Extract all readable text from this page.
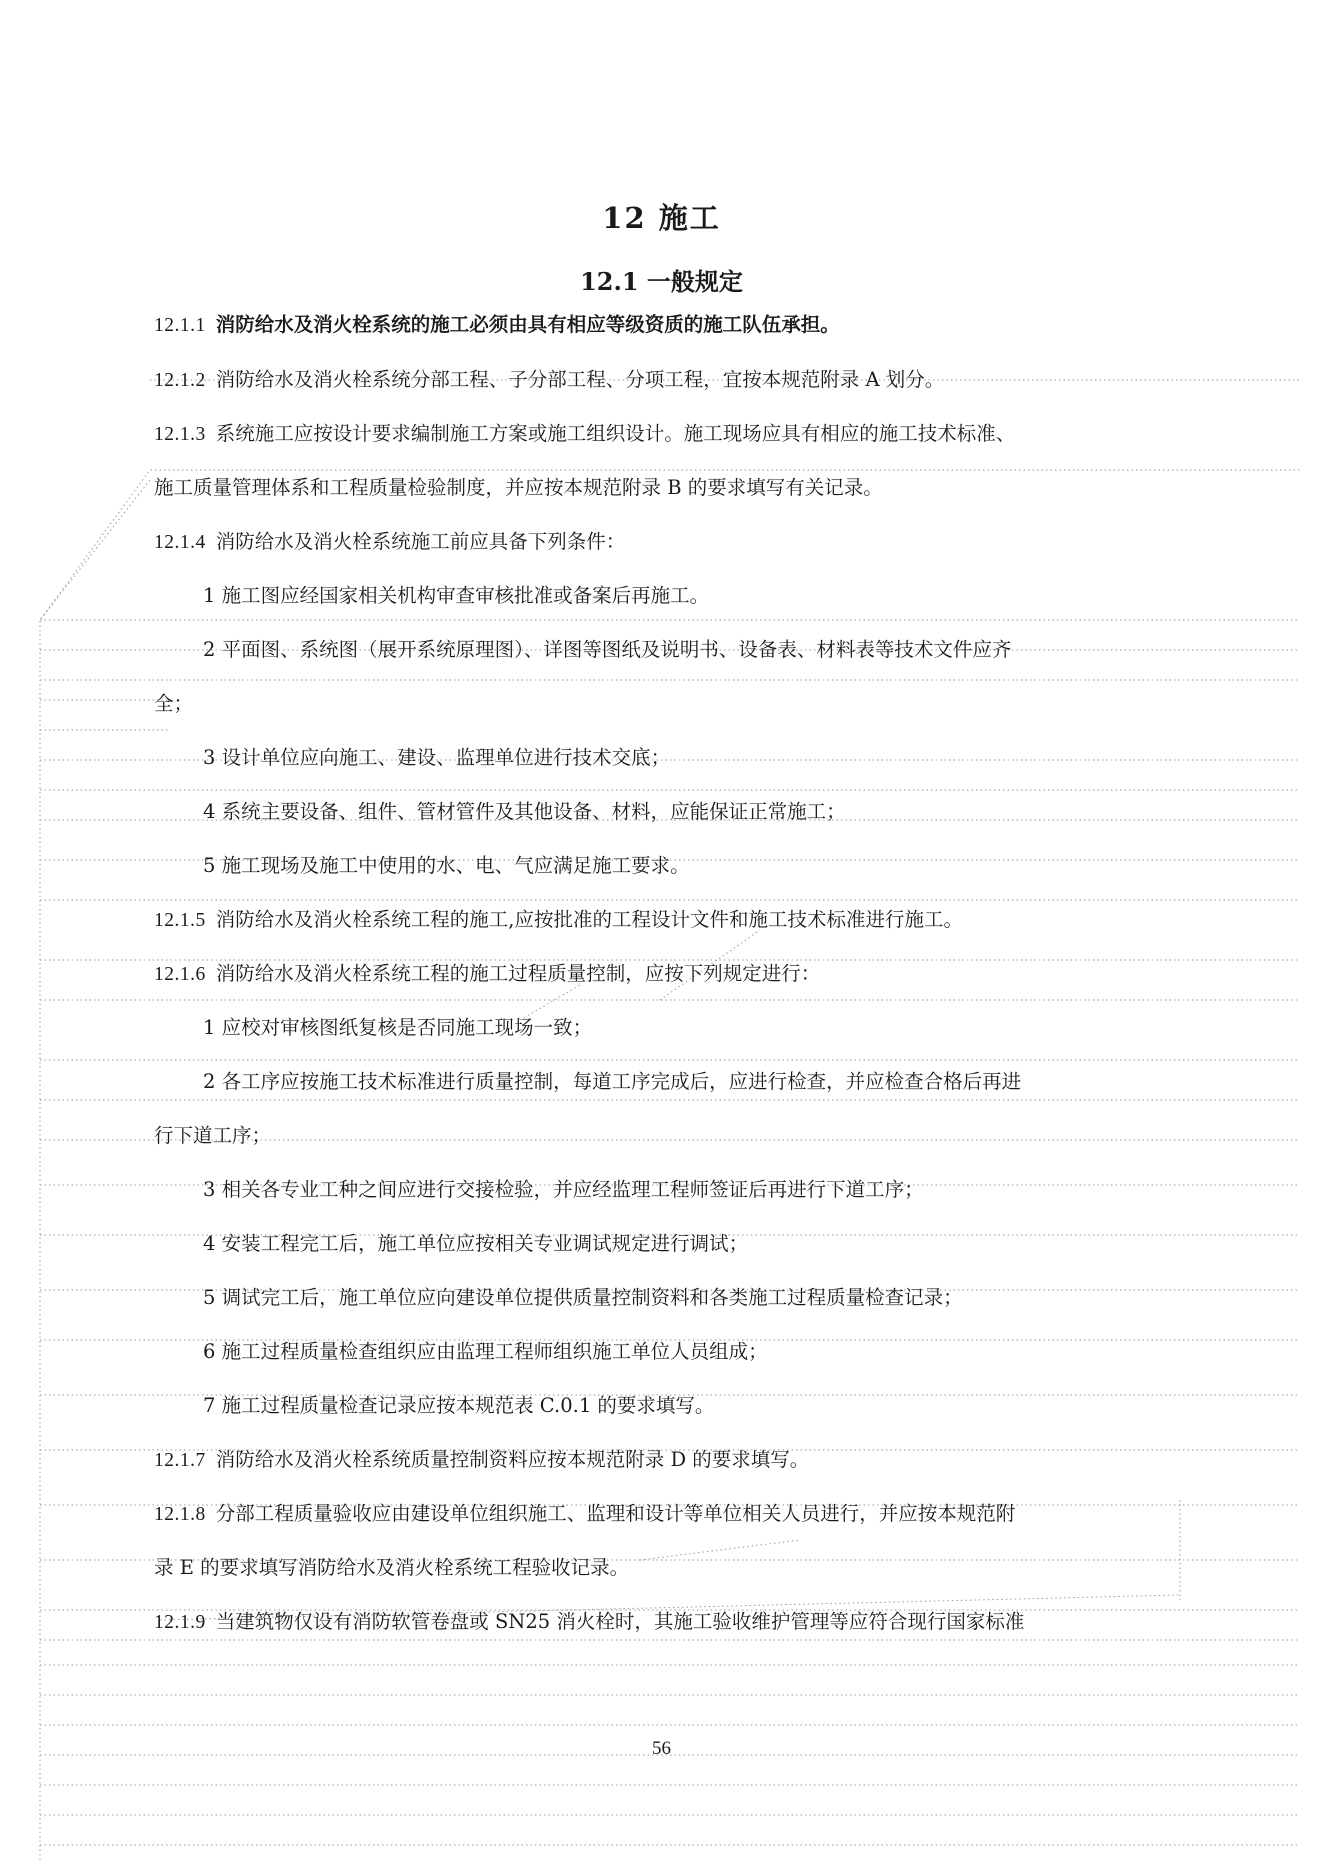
12 施工
12.1 一般规定
12.1.1 消防给水及消火栓系统的施工必须由具有相应等级资质的施工队伍承担。
12.1.2 消防给水及消火栓系统分部工程、子分部工程、分项工程，宜按本规范附录 A 划分。
12.1.3 系统施工应按设计要求编制施工方案或施工组织设计。施工现场应具有相应的施工技术标准、
施工质量管理体系和工程质量检验制度，并应按本规范附录 B 的要求填写有关记录。
12.1.4 消防给水及消火栓系统施工前应具备下列条件：
1 施工图应经国家相关机构审查审核批准或备案后再施工。
2 平面图、系统图（展开系统原理图）、详图等图纸及说明书、设备表、材料表等技术文件应齐
全；
3 设计单位应向施工、建设、监理单位进行技术交底；
4 系统主要设备、组件、管材管件及其他设备、材料，应能保证正常施工；
5 施工现场及施工中使用的水、电、气应满足施工要求。
12.1.5 消防给水及消火栓系统工程的施工,应按批准的工程设计文件和施工技术标准进行施工。
12.1.6 消防给水及消火栓系统工程的施工过程质量控制，应按下列规定进行：
1 应校对审核图纸复核是否同施工现场一致；
2 各工序应按施工技术标准进行质量控制，每道工序完成后，应进行检查，并应检查合格后再进
行下道工序；
3 相关各专业工种之间应进行交接检验，并应经监理工程师签证后再进行下道工序；
4 安装工程完工后，施工单位应按相关专业调试规定进行调试；
5 调试完工后，施工单位应向建设单位提供质量控制资料和各类施工过程质量检查记录；
6 施工过程质量检查组织应由监理工程师组织施工单位人员组成；
7 施工过程质量检查记录应按本规范表 C.0.1 的要求填写。
12.1.7 消防给水及消火栓系统质量控制资料应按本规范附录 D 的要求填写。
12.1.8 分部工程质量验收应由建设单位组织施工、监理和设计等单位相关人员进行，并应按本规范附
录 E 的要求填写消防给水及消火栓系统工程验收记录。
12.1.9 当建筑物仅设有消防软管卷盘或 SN25 消火栓时，其施工验收维护管理等应符合现行国家标准
56
